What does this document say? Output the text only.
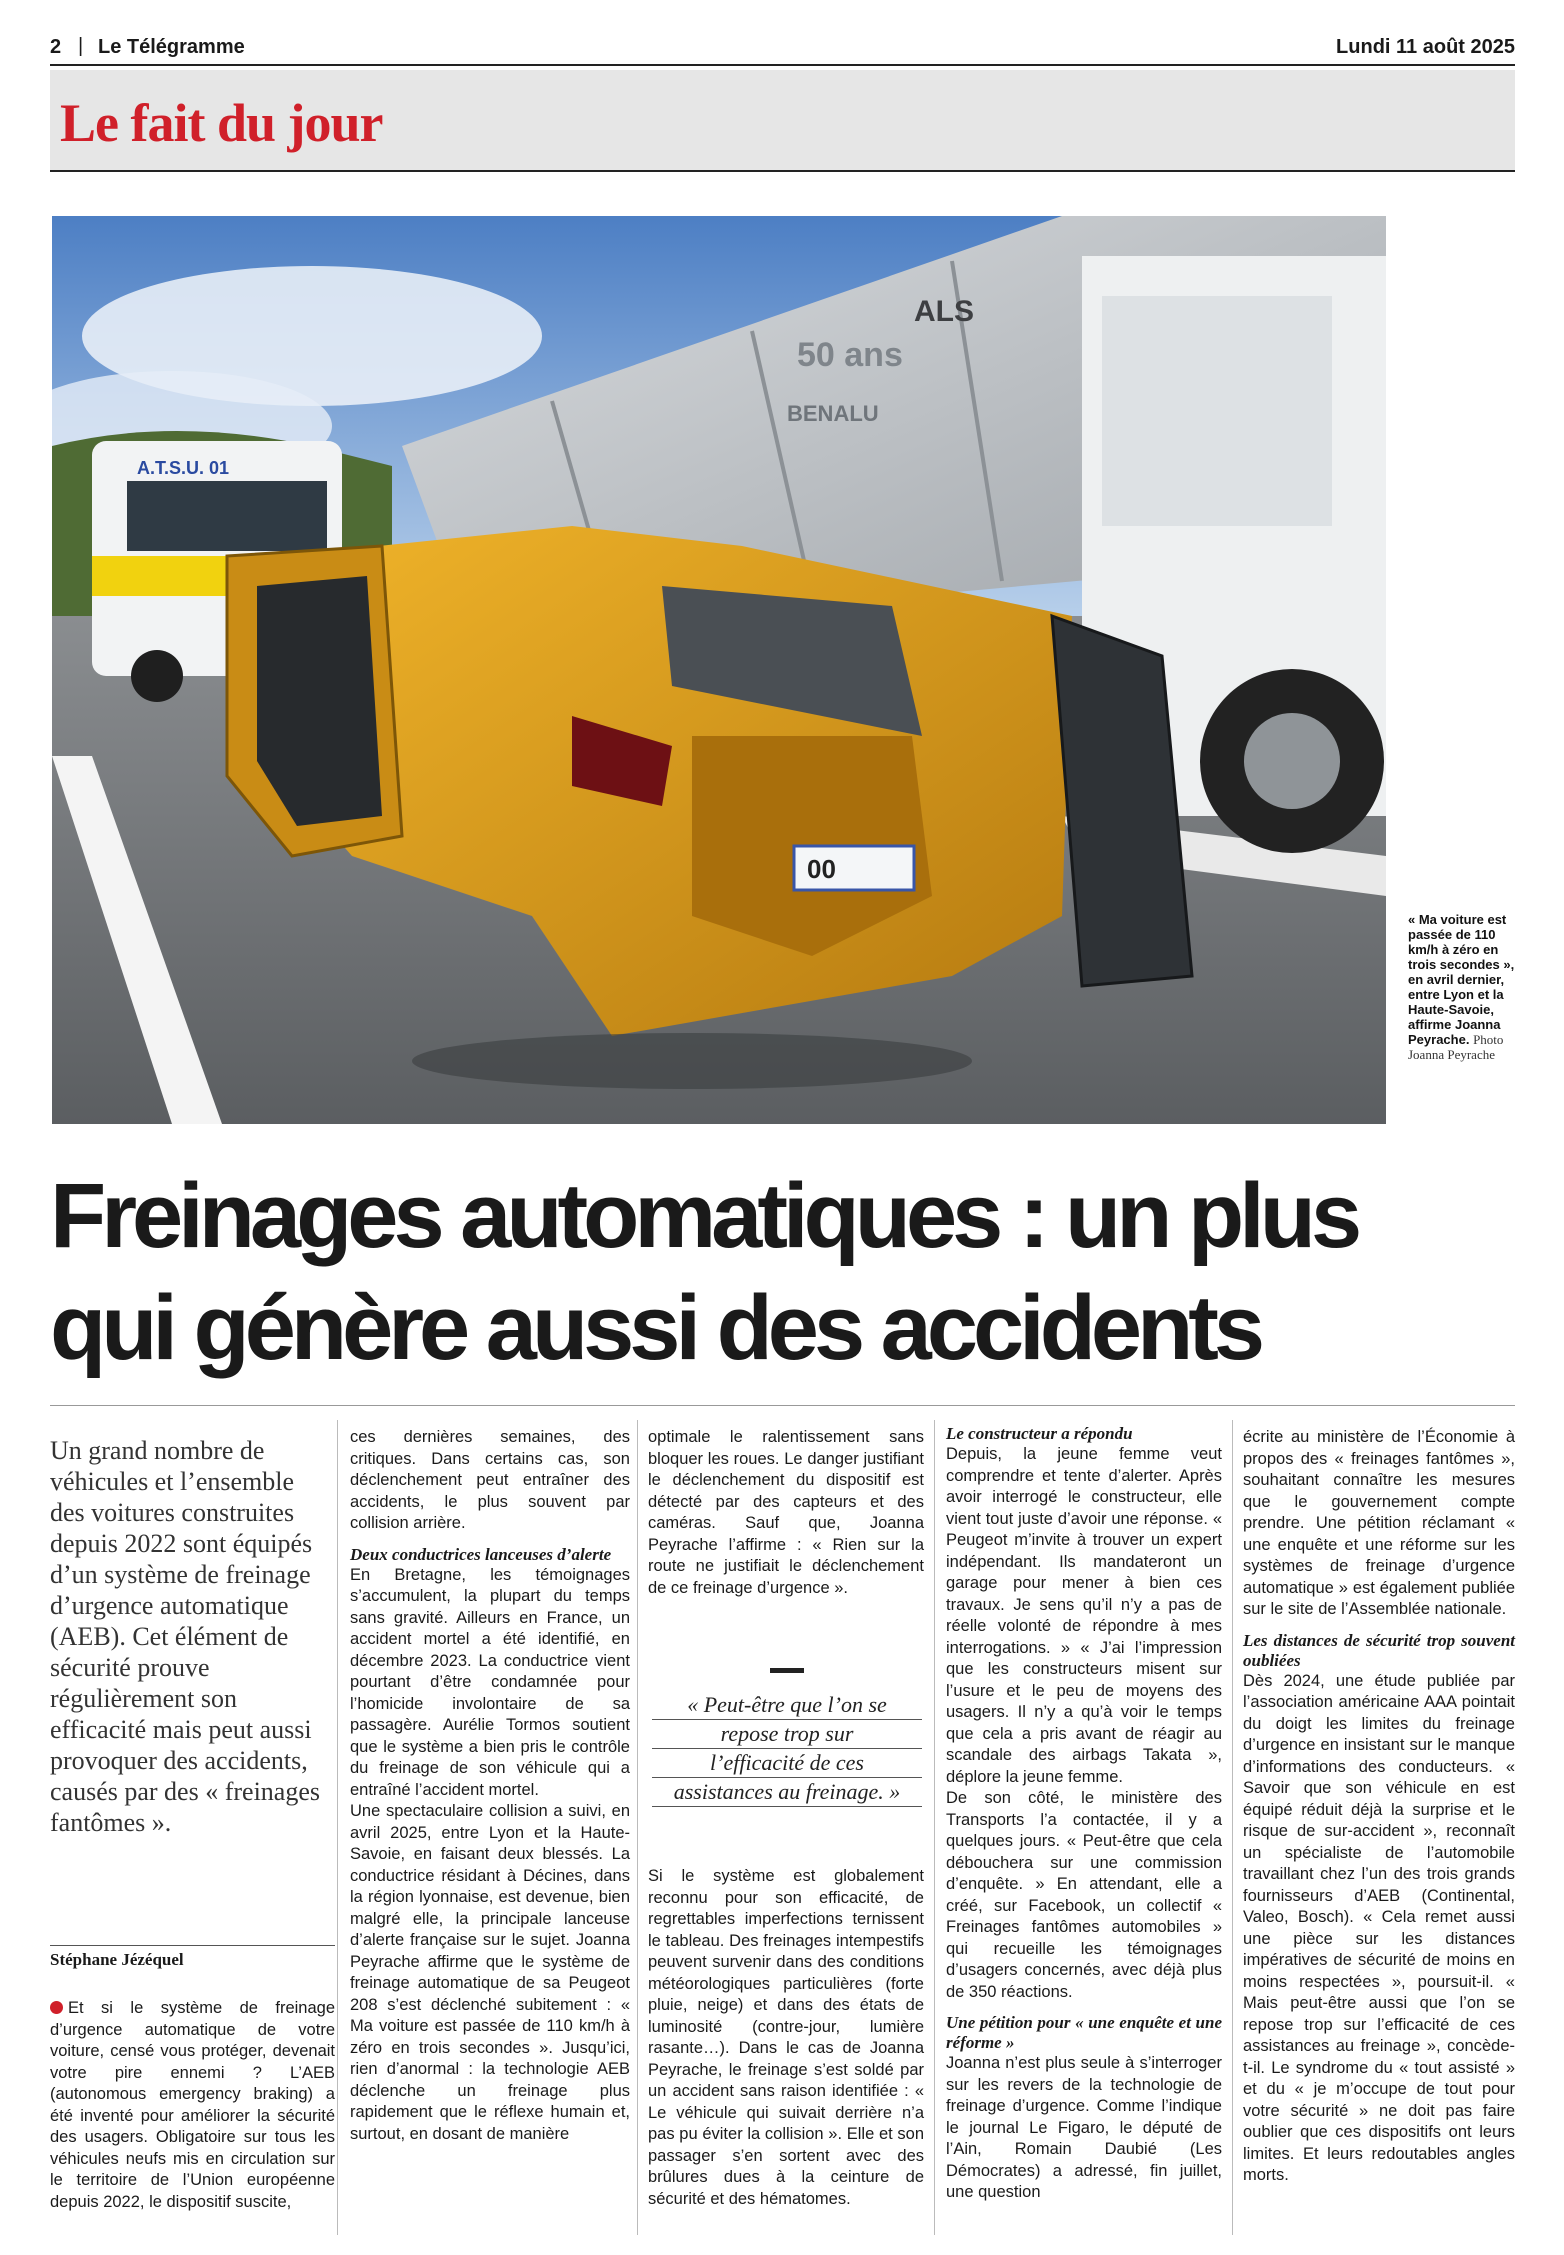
2 | Le Télégramme	Lundi 11 août 2025
Le fait du jour
50 ans
BENALU
ALS
A.T.S.U. 01
00
« Ma voiture est passée de 110 km/h à zéro en trois secondes », en avril dernier, entre Lyon et la Haute-Savoie, affirme Joanna Peyrache. Photo Joanna Peyrache
Freinages automatiques : un plus
qui génère aussi des accidents
Un grand nombre de véhicules et l’ensemble des voitures construites depuis 2022 sont équipés d’un système de freinage d’urgence automatique (AEB). Cet élément de sécurité prouve régulièrement son efficacité mais peut aussi provoquer des accidents, causés par des « freinages fantômes ».
Stéphane Jézéquel

Et si le système de freinage d’urgence automatique de votre voiture, censé vous protéger, devenait votre pire ennemi ? L’AEB (autonomous emergency braking) a été inventé pour améliorer la sécurité des usagers. Obligatoire sur tous les véhicules neufs mis en circulation sur le territoire de l’Union européenne depuis 2022, le dispositif suscite,

ces dernières semaines, des critiques. Dans certains cas, son déclenchement peut entraîner des accidents, le plus souvent par collision arrière.

Deux conductrices lanceuses d’alerte

En Bretagne, les témoignages s’accumulent, la plupart du temps sans gravité. Ailleurs en France, un accident mortel a été identifié, en décembre 2023. La conductrice vient pourtant d’être condamnée pour l’homicide involontaire de sa passagère. Aurélie Tormos soutient que le système a bien pris le contrôle du freinage de son véhicule qui a entraîné l’accident mortel.

Une spectaculaire collision a suivi, en avril 2025, entre Lyon et la Haute-Savoie, en faisant deux blessés. La conductrice résidant à Décines, dans la région lyonnaise, est devenue, bien malgré elle, la principale lanceuse d’alerte française sur le sujet. Joanna Peyrache affirme que le système de freinage automatique de sa Peugeot 208 s’est déclenché subitement : « Ma voiture est passée de 110 km/h à zéro en trois secondes ». Jusqu’ici, rien d’anormal : la technologie AEB déclenche un freinage plus rapidement que le réflexe humain et, surtout, en dosant de manière

optimale le ralentissement sans bloquer les roues. Le danger justifiant le déclenchement du dispositif est détecté par des capteurs et des caméras. Sauf que, Joanna Peyrache l’affirme : « Rien sur la route ne justifiait le déclenchement de ce freinage d’urgence ».

« Peut-être que l’on se
repose trop sur
l’efficacité de ces
assistances au freinage. »

Si le système est globalement reconnu pour son efficacité, de regrettables imperfections ternissent le tableau. Des freinages intempestifs peuvent survenir dans des conditions météorologiques particulières (forte pluie, neige) et dans des états de luminosité (contre-jour, lumière rasante…). Dans le cas de Joanna Peyrache, le freinage s’est soldé par un accident sans raison identifiée : « Le véhicule qui suivait derrière n’a pas pu éviter la collision ». Elle et son passager s’en sortent avec des brûlures dues à la ceinture de sécurité et des hématomes.

Le constructeur a répondu

Depuis, la jeune femme veut comprendre et tente d’alerter. Après avoir interrogé le constructeur, elle vient tout juste d’avoir une réponse. « Peugeot m’invite à trouver un expert indépendant. Ils mandateront un garage pour mener à bien ces travaux. Je sens qu’il n’y a pas de réelle volonté de répondre à mes interrogations. » « J’ai l’impression que les constructeurs misent sur l’usure et le peu de moyens des usagers. Il n’y a qu’à voir le temps que cela a pris avant de réagir au scandale des airbags Takata », déplore la jeune femme.

De son côté, le ministère des Transports l’a contactée, il y a quelques jours. « Peut-être que cela débouchera sur une commission d’enquête. » En attendant, elle a créé, sur Facebook, un collectif « Freinages fantômes automobiles » qui recueille les témoignages d’usagers concernés, avec déjà plus de 350 réactions.

Une pétition pour « une enquête et une réforme »

Joanna n’est plus seule à s’interroger sur les revers de la technologie de freinage d’urgence. Comme l’indique le journal Le Figaro, le député de l’Ain, Romain Daubié (Les Démocrates) a adressé, fin juillet, une question

écrite au ministère de l’Économie à propos des « freinages fantômes », souhaitant connaître les mesures que le gouvernement compte prendre. Une pétition réclamant « une enquête et une réforme sur les systèmes de freinage d’urgence automatique » est également publiée sur le site de l’Assemblée nationale.

Les distances de sécurité trop souvent oubliées

Dès 2024, une étude publiée par l’association américaine AAA pointait du doigt les limites du freinage d’urgence en insistant sur le manque d’informations des conducteurs. « Savoir que son véhicule en est équipé réduit déjà la surprise et le risque de sur-accident », reconnaît un spécialiste de l’automobile travaillant chez l’un des trois grands fournisseurs d’AEB (Continental, Valeo, Bosch). « Cela remet aussi une pièce sur les distances impératives de sécurité de moins en moins respectées », poursuit-il. « Mais peut-être aussi que l’on se repose trop sur l’efficacité de ces assistances au freinage », concède-t-il. Le syndrome du « tout assisté » et du « je m’occupe de tout pour votre sécurité » ne doit pas faire oublier que ces dispositifs ont leurs limites. Et leurs redoutables angles morts.
